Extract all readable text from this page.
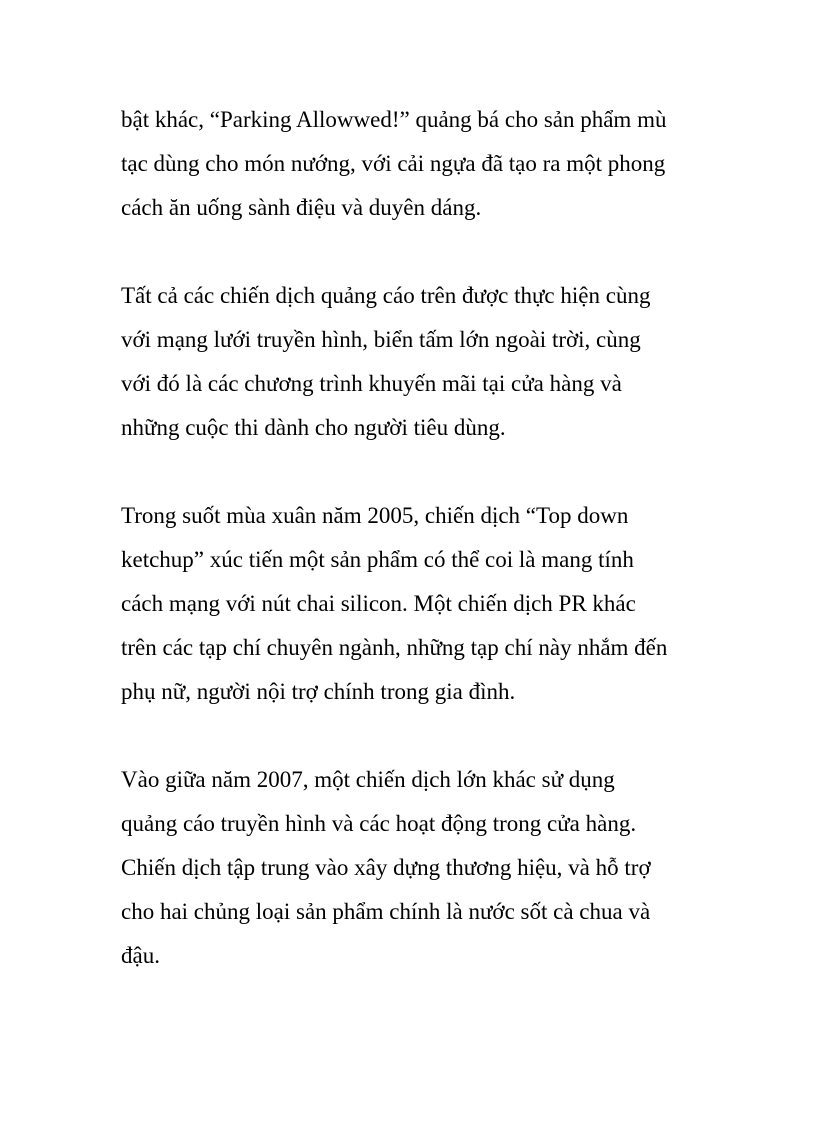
bật khác, “Parking Allowwed!” quảng bá cho sản phẩm mù
tạc dùng cho món nướng, với cải ngựa đã tạo ra một phong
cách ăn uống sành điệu và duyên dáng.

Tất cả các chiến dịch quảng cáo trên được thực hiện cùng
với mạng lưới truyền hình, biển tấm lớn ngoài trời, cùng
với đó là các chương trình khuyến mãi tại cửa hàng và
những cuộc thi dành cho người tiêu dùng.

Trong suốt mùa xuân năm 2005, chiến dịch “Top down
ketchup” xúc tiến một sản phẩm có thể coi là mang tính
cách mạng với nút chai silicon. Một chiến dịch PR khác
trên các tạp chí chuyên ngành, những tạp chí này nhắm đến
phụ nữ, người nội trợ chính trong gia đình.

Vào giữa năm 2007, một chiến dịch lớn khác sử dụng
quảng cáo truyền hình và các hoạt động trong cửa hàng.
Chiến dịch tập trung vào xây dựng thương hiệu, và hỗ trợ
cho hai chủng loại sản phẩm chính là nước sốt cà chua và
đậu.
